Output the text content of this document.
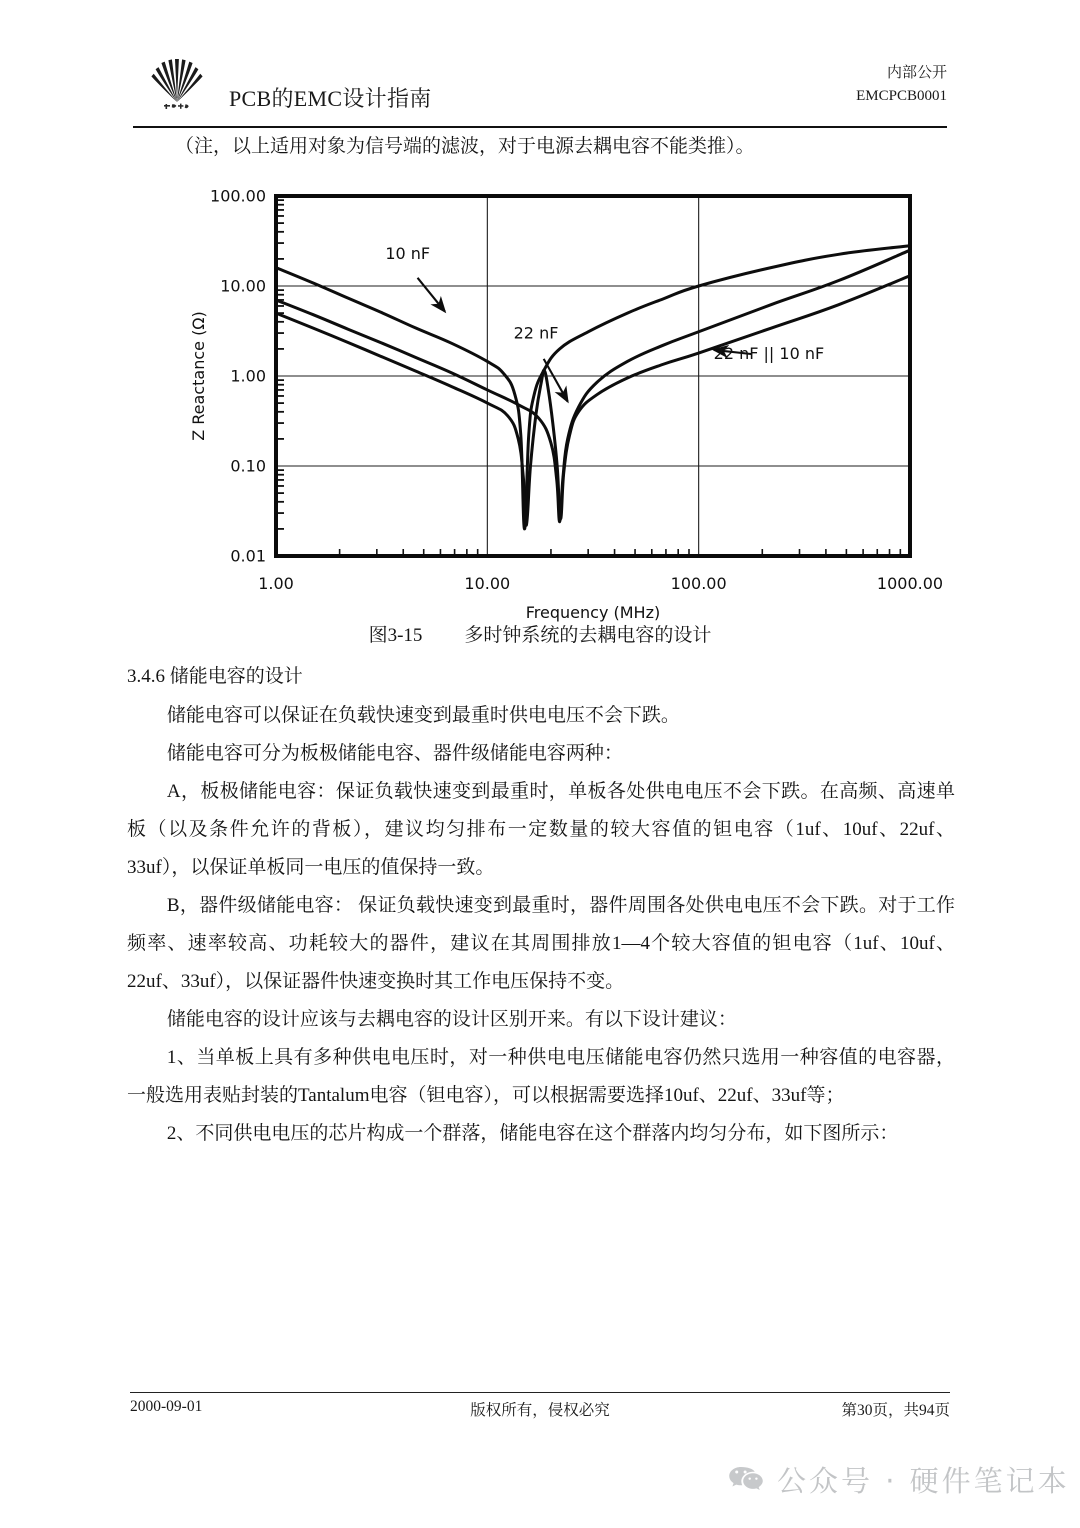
PCB的EMC设计指南
内部公开
EMCPCB0001
（注，以上适用对象为信号端的滤波，对于电源去耦电容不能类推）。
1.00	10.00	100.00	1000.00
0.01
0.10
1.00
10.00
100.00
Frequency (MHz)
Z Reactance (Ω)
10 nF
22 nF
22 nF || 10 nF
图3-15 多时钟系统的去耦电容的设计

3.4.6 储能电容的设计

储能电容可以保证在负载快速变到最重时供电电压不会下跌。

储能电容可分为板极储能电容、器件级储能电容两种：

A，板极储能电容：保证负载快速变到最重时，单板各处供电电压不会下跌。在高频、高速单板（以及条件允许的背板），建议均匀排布一定数量的较大容值的钽电容（1uf、10uf、22uf、33uf），以保证单板同一电压的值保持一致。

B，器件级储能电容： 保证负载快速变到最重时，器件周围各处供电电压不会下跌。对于工作频率、速率较高、功耗较大的器件，建议在其周围排放1—4个较大容值的钽电容（1uf、10uf、22uf、33uf），以保证器件快速变换时其工作电压保持不变。

储能电容的设计应该与去耦电容的设计区别开来。有以下设计建议：

1、当单板上具有多种供电电压时，对一种供电电压储能电容仍然只选用一种容值的电容器，一般选用表贴封装的Tantalum电容（钽电容），可以根据需要选择10uf、22uf、33uf等；

2、不同供电电压的芯片构成一个群落，储能电容在这个群落内均匀分布，如下图所示：

2000-09-01	版权所有，侵权必究	第30页，共94页
公众号 · 硬件笔记本
